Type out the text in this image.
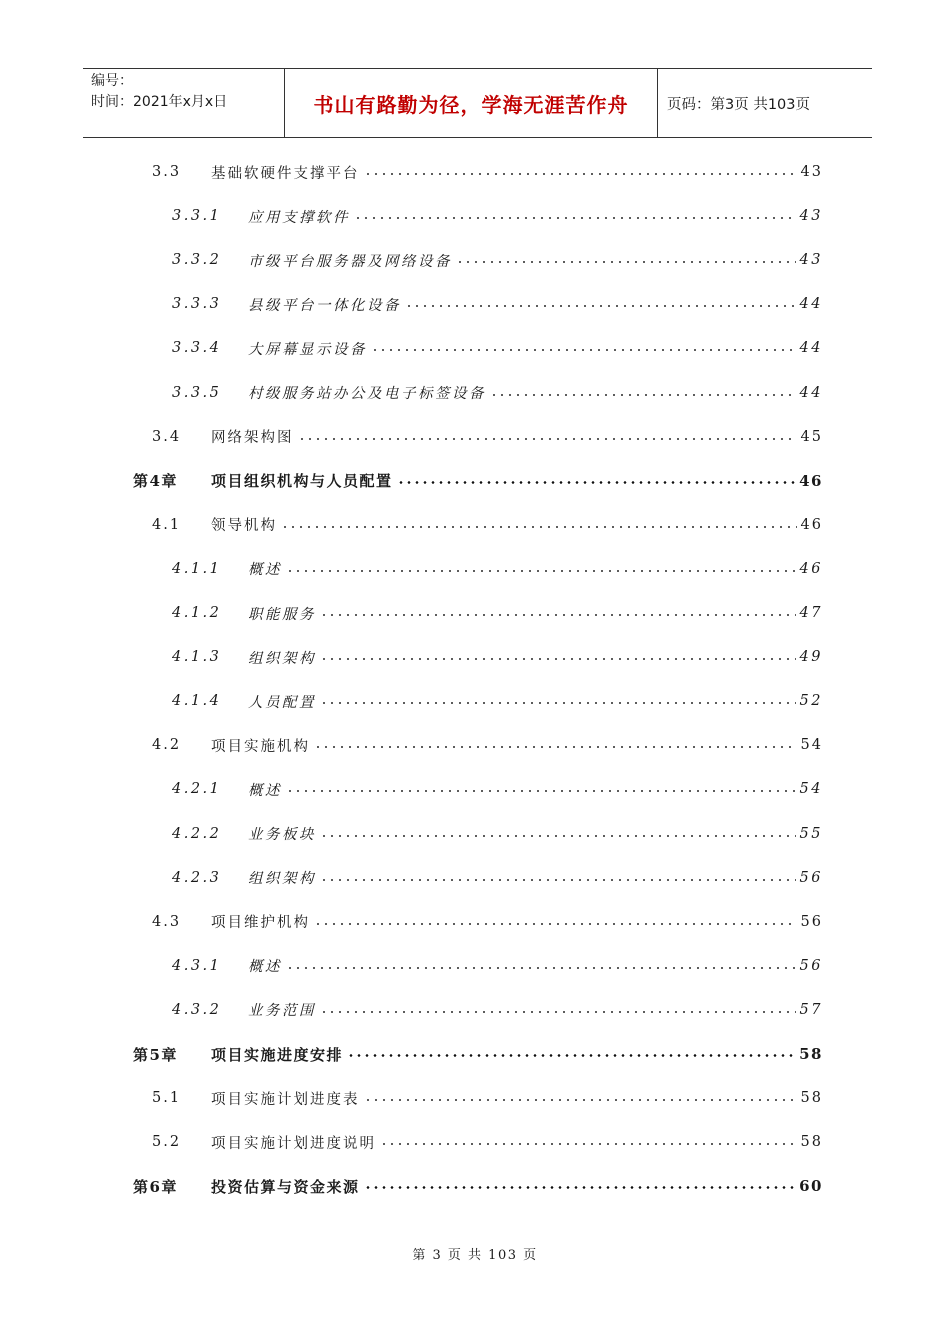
编号：
时间：2021年x月x日	书山有路勤为径，学海无涯苦作舟	页码：第3页 共103页
3.3 基础软硬件支撑平台	43
3.3.1 应用支撑软件	43
3.3.2 市级平台服务器及网络设备	43
3.3.3 县级平台一体化设备	44
3.3.4 大屏幕显示设备	44
3.3.5 村级服务站办公及电子标签设备	44
3.4 网络架构图	45
第4章 项目组织机构与人员配置	46
4.1 领导机构	46
4.1.1 概述	46
4.1.2 职能服务	47
4.1.3 组织架构	49
4.1.4 人员配置	52
4.2 项目实施机构	54
4.2.1 概述	54
4.2.2 业务板块	55
4.2.3 组织架构	56
4.3 项目维护机构	56
4.3.1 概述	56
4.3.2 业务范围	57
第5章 项目实施进度安排	58
5.1 项目实施计划进度表	58
5.2 项目实施计划进度说明	58
第6章 投资估算与资金来源	60
第 3 页 共 103 页
